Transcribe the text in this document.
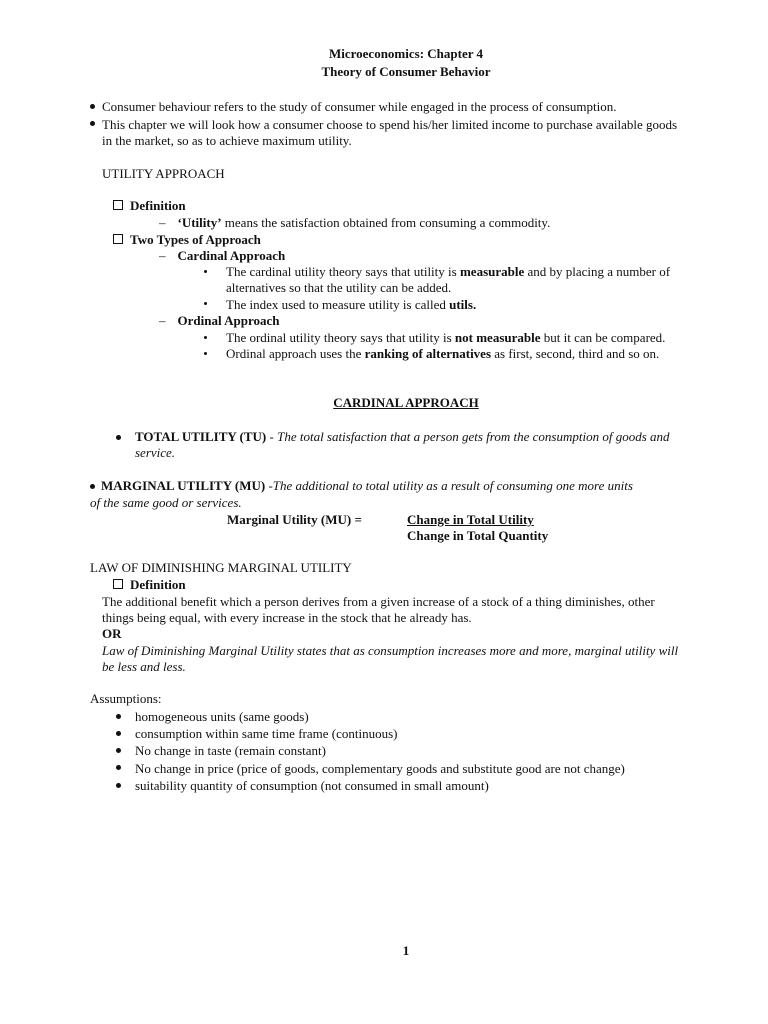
Microeconomics: Chapter 4
Theory of Consumer Behavior
Consumer behaviour refers to the study of consumer while engaged in the process of consumption.
This chapter we will look how a consumer choose to spend his/her limited income to purchase available goods
in the market, so as to achieve maximum utility.
UTILITY APPROACH
Definition
– ‘Utility’ means the satisfaction obtained from consuming a commodity.
Two Types of Approach
– Cardinal Approach
The cardinal utility theory says that utility is measurable and by placing a number of
alternatives so that the utility can be added.
The index used to measure utility is called utils.
– Ordinal Approach
The ordinal utility theory says that utility is not measurable but it can be compared.
Ordinal approach uses the ranking of alternatives as first, second, third and so on.
CARDINAL APPROACH
TOTAL UTILITY (TU) - The total satisfaction that a person gets from the consumption of goods and
service.
MARGINAL UTILITY (MU) -The additional to total utility as a result of consuming one more units
of the same good or services.
Marginal Utility (MU) =	Change in Total Utility
Change in Total Quantity
LAW OF DIMINISHING MARGINAL UTILITY
Definition
The additional benefit which a person derives from a given increase of a stock of a thing diminishes, other
things being equal, with every increase in the stock that he already has.
OR
Law of Diminishing Marginal Utility states that as consumption increases more and more, marginal utility will
be less and less.
Assumptions:
homogeneous units (same goods)
consumption within same time frame (continuous)
No change in taste (remain constant)
No change in price (price of goods, complementary goods and substitute good are not change)
suitability quantity of consumption (not consumed in small amount)
1
